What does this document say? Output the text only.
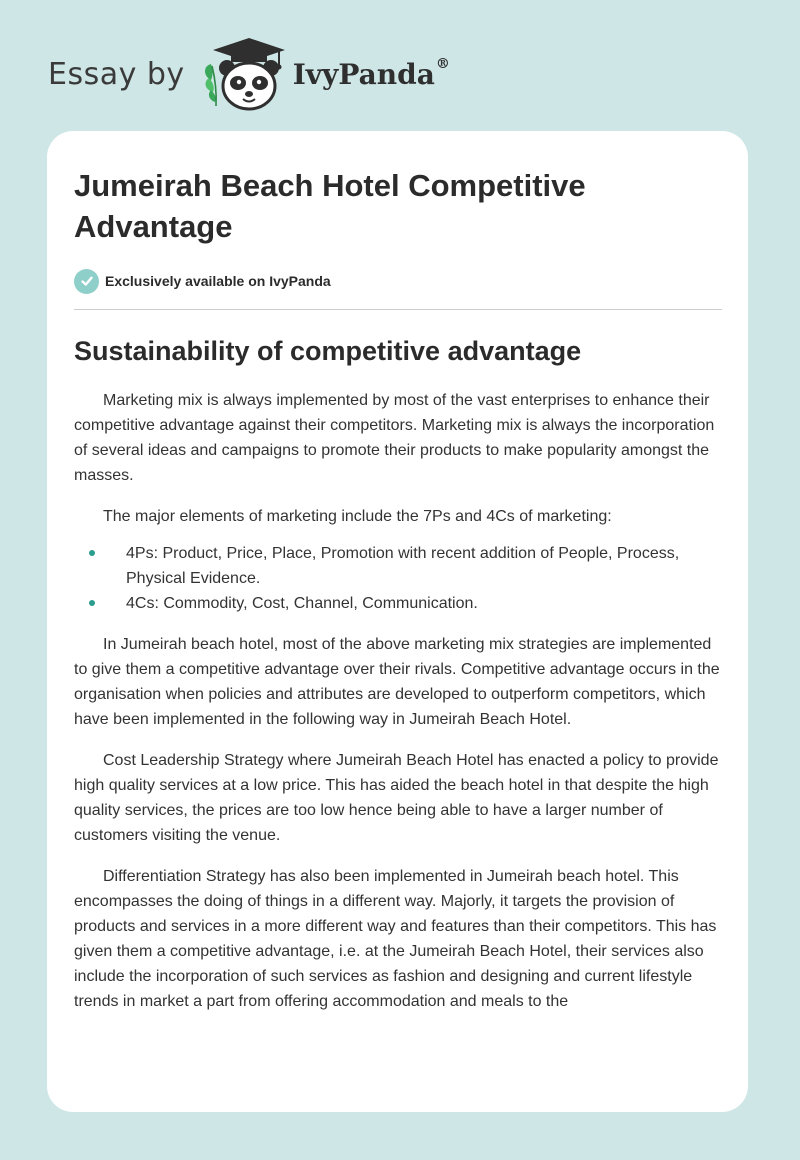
Essay by	IvyPanda®
Jumeirah Beach Hotel Competitive Advantage
Exclusively available on IvyPanda
Sustainability of competitive advantage

Marketing mix is always implemented by most of the vast enterprises to enhance their competitive advantage against their competitors. Marketing mix is always the incorporation of several ideas and campaigns to promote their products to make popularity amongst the masses.

The major elements of marketing include the 7Ps and 4Cs of marketing:

4Ps: Product, Price, Place, Promotion with recent addition of People, Process, Physical Evidence.
4Cs: Commodity, Cost, Channel, Communication.

In Jumeirah beach hotel, most of the above marketing mix strategies are implemented to give them a competitive advantage over their rivals. Competitive advantage occurs in the organisation when policies and attributes are developed to outperform competitors, which have been implemented in the following way in Jumeirah Beach Hotel.

Cost Leadership Strategy where Jumeirah Beach Hotel has enacted a policy to provide high quality services at a low price. This has aided the beach hotel in that despite the high quality services, the prices are too low hence being able to have a larger number of customers visiting the venue.

Differentiation Strategy has also been implemented in Jumeirah beach hotel. This encompasses the doing of things in a different way. Majorly, it targets the provision of products and services in a more different way and features than their competitors. This has given them a competitive advantage, i.e. at the Jumeirah Beach Hotel, their services also include the incorporation of such services as fashion and designing and current lifestyle trends in market a part from offering accommodation and meals to the
